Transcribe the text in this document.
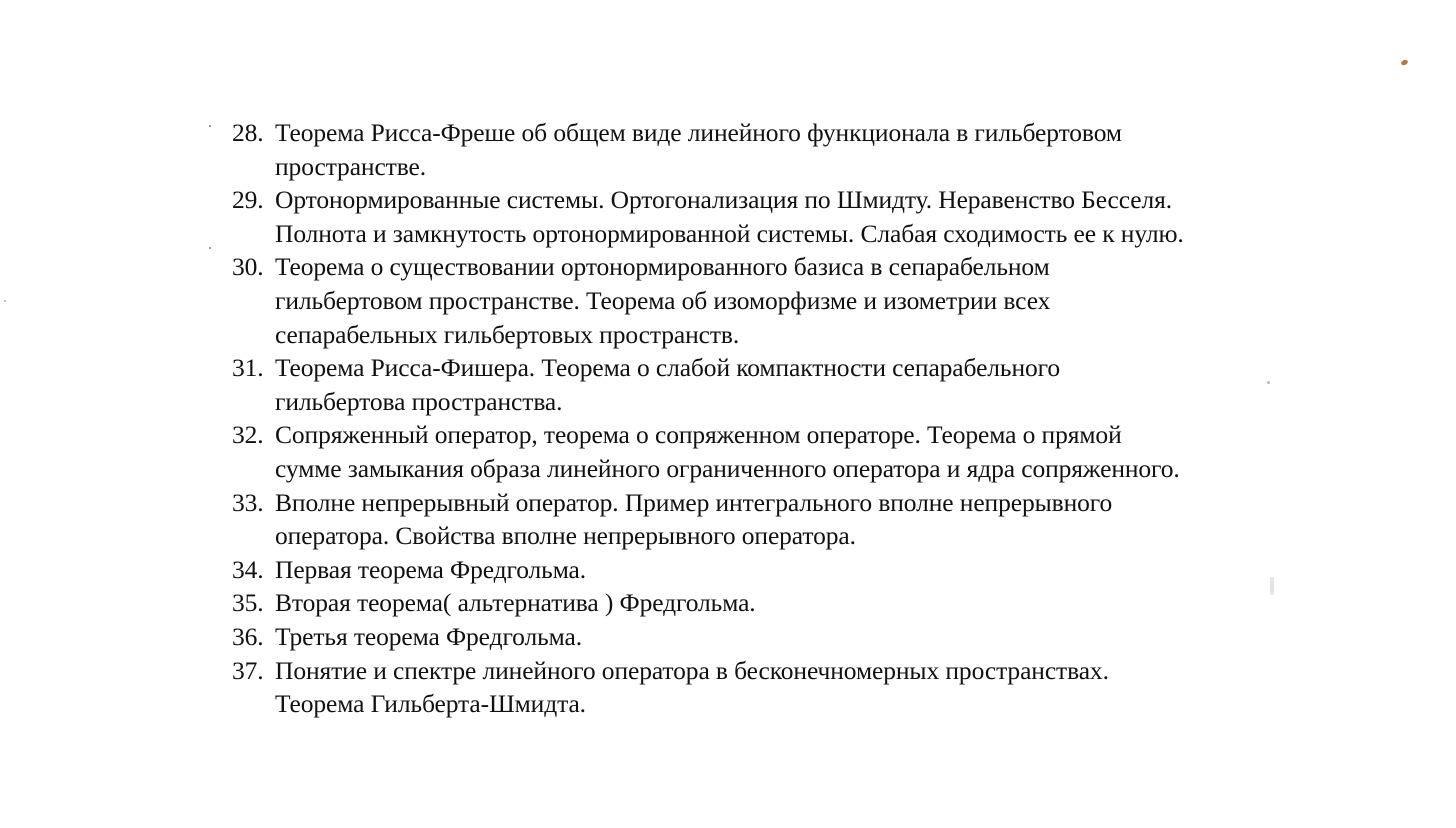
28. Теорема Рисса-Фреше об общем виде линейного функционала в гильбертовом
пространстве.
29. Ортонормированные системы. Ортогонализация по Шмидту. Неравенство Бесселя.
Полнота и замкнутость ортонормированной системы. Слабая сходимость ее к нулю.
30. Теорема о существовании ортонормированного базиса в сепарабельном
гильбертовом пространстве. Теорема об изоморфизме и изометрии всех
сепарабельных гильбертовых пространств.
31. Теорема Рисса-Фишера. Теорема о слабой компактности сепарабельного
гильбертова пространства.
32. Сопряженный оператор, теорема о сопряженном операторе. Теорема о прямой
сумме замыкания образа линейного ограниченного оператора и ядра сопряженного.
33. Вполне непрерывный оператор. Пример интегрального вполне непрерывного
оператора. Свойства вполне непрерывного оператора.
34. Первая теорема Фредгольма.
35. Вторая теорема( альтернатива ) Фредгольма.
36. Третья теорема Фредгольма.
37. Понятие и спектре линейного оператора в бесконечномерных пространствах.
Теорема Гильберта-Шмидта.
